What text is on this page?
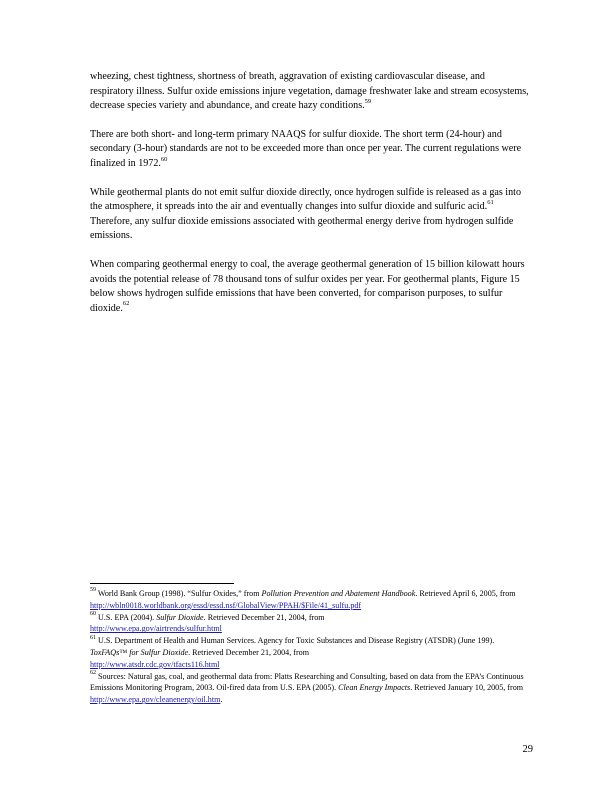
wheezing, chest tightness, shortness of breath, aggravation of existing cardiovascular disease, and respiratory illness. Sulfur oxide emissions injure vegetation, damage freshwater lake and stream ecosystems, decrease species variety and abundance, and create hazy conditions.$^{59}$

There are both short- and long-term primary NAAQS for sulfur dioxide. The short term (24-hour) and secondary (3-hour) standards are not to be exceeded more than once per year. The current regulations were finalized in 1972.60

While geothermal plants do not emit sulfur dioxide directly, once hydrogen sulfide is released as a gas into the atmosphere, it spreads into the air and eventually changes into sulfur dioxide and sulfuric acid.$^{61}$ Therefore, any sulfur dioxide emissions associated with geothermal energy derive from hydrogen sulfide emissions.

When comparing geothermal energy to coal, the average geothermal generation of 15 billion kilowatt hours avoids the potential release of 78 thousand tons of sulfur oxides per year. For geothermal plants, Figure 15 below shows hydrogen sulfide emissions that have been converted, for comparison purposes, to sulfur dioxide.$^{62}$

$^{59}$ World Bank Group (1998). “Sulfur Oxides,” from Pollution Prevention and Abatement Handbook. Retrieved April 6, 2005, from
http://wbln0018.worldbank.org/essd/essd.nsf/GlobalView/PPAH/$File/41_sulfu.pdf

$^{60}$ U.S. EPA (2004). Sulfur Dioxide. Retrieved December 21, 2004, from
http://www.epa.gov/airtrends/sulfur.html

$^{61}$ U.S. Department of Health and Human Services. Agency for Toxic Substances and Disease Registry (ATSDR) (June 199). ToxFAQs™ for Sulfur Dioxide. Retrieved December 21, 2004, from
http://www.atsdr.cdc.gov/tfacts116.html

$^{62}$ Sources: Natural gas, coal, and geothermal data from: Platts Researching and Consulting, based on data from the EPA’s Continuous Emissions Monitoring Program, 2003. Oil-fired data from U.S. EPA (2005). Clean Energy Impacts. Retrieved January 10, 2005, from http://www.epa.gov/cleanenergy/oil.htm.

29
